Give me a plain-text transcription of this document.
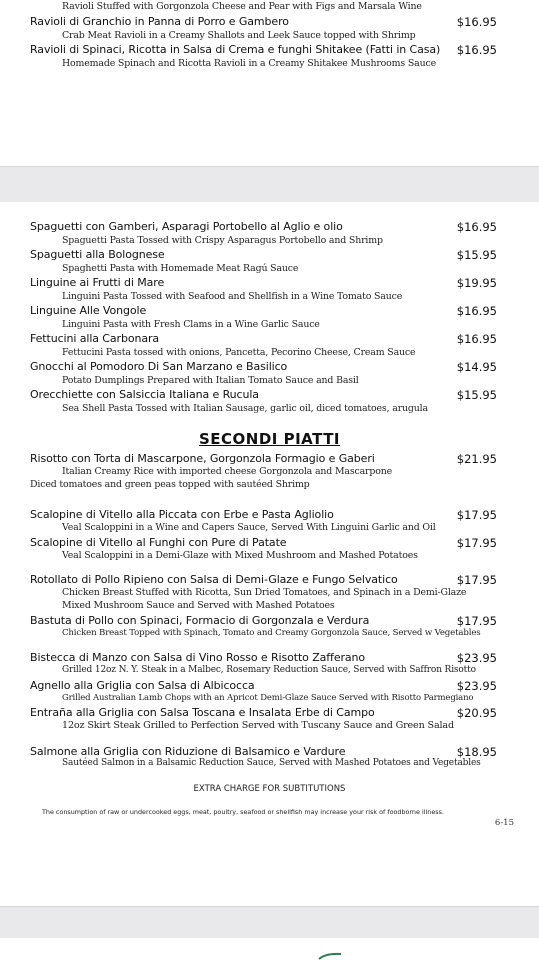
Ravioli Stuffed with Gorgonzola Cheese and Pear with Figs and Marsala Wine
Ravioli di Granchio in Panna di Porro e Gambero	$16.95
Crab Meat Ravioli in a Creamy Shallots and Leek Sauce topped with Shrimp
Ravioli di Spinaci, Ricotta in Salsa di Crema e funghi Shitakee (Fatti in Casa) $16.95
Homemade Spinach and Ricotta Ravioli in a Creamy Shitakee Mushrooms Sauce
Spaguetti con Gamberi, Asparagi Portobello al Aglio e olio	$16.95
Spaguetti Pasta Tossed with Crispy Asparagus Portobello and Shrimp
Spaguetti alla Bolognese	$15.95
Spaghetti Pasta with Homemade Meat Ragú Sauce
Linguine ai Frutti di Mare	$19.95
Linguini Pasta Tossed with Seafood and Shellfish in a Wine Tomato Sauce
Linguine Alle Vongole	$16.95
Linguini Pasta with Fresh Clams in a Wine Garlic Sauce
Fettucini alla Carbonara	$16.95
Fettucini Pasta tossed with onions, Pancetta, Pecorino Cheese, Cream Sauce
Gnocchi al Pomodoro Di San Marzano e Basilico	$14.95
Potato Dumplings Prepared with Italian Tomato Sauce and Basil
Orecchiette con Salsiccia Italiana e Rucula	$15.95
Sea Shell Pasta Tossed with Italian Sausage, garlic oil, diced tomatoes, arugula
SECONDI PIATTI
Risotto con Torta di Mascarpone, Gorgonzola Formagio e Gaberi	$21.95
Italian Creamy Rice with imported cheese Gorgonzola and Mascarpone
Diced tomatoes and green peas topped with sautéed Shrimp
Scalopine di Vitello alla Piccata con Erbe e Pasta Agliolio	$17.95
Veal Scaloppini in a Wine and Capers Sauce, Served With Linguini Garlic and Oil
Scalopine di Vitello al Funghi con Pure di Patate	$17.95
Veal Scaloppini in a Demi-Glaze with Mixed Mushroom and Mashed Potatoes
Rotollato di Pollo Ripieno con Salsa di Demi-Glaze e Fungo Selvatico	$17.95
Chicken Breast Stuffed with Ricotta, Sun Dried Tomatoes, and Spinach in a Demi-Glaze
Mixed Mushroom Sauce and Served with Mashed Potatoes
Bastuta di Pollo con Spinaci, Formacio di Gorgonzala e Verdura	$17.95
Chicken Breast Topped with Spinach, Tomato and Creamy Gorgonzola Sauce, Served w Vegetables
Bistecca di Manzo con Salsa di Vino Rosso e Risotto Zafferano	$23.95
Grilled 12oz N. Y. Steak in a Malbec, Rosemary Reduction Sauce, Served with Saffron Risotto
Agnello alla Griglia con Salsa di Albicocca	$23.95
Grilled Australian Lamb Chops with an Apricot Demi-Glaze Sauce Served with Risotto Parmegiano
Entraña alla Griglia con Salsa Toscana e Insalata Erbe di Campo	$20.95
12oz Skirt Steak Grilled to Perfection Served with Tuscany Sauce and Green Salad
Salmone alla Griglia con Riduzione di Balsamico e Vardure	$18.95
Sautéed Salmon in a Balsamic Reduction Sauce, Served with Mashed Potatoes and Vegetables
EXTRA CHARGE FOR SUBTITUTIONS
The consumption of raw or undercooked eggs, meat, poultry, seafood or shellfish may increase your risk of foodborne illness.
6-15
